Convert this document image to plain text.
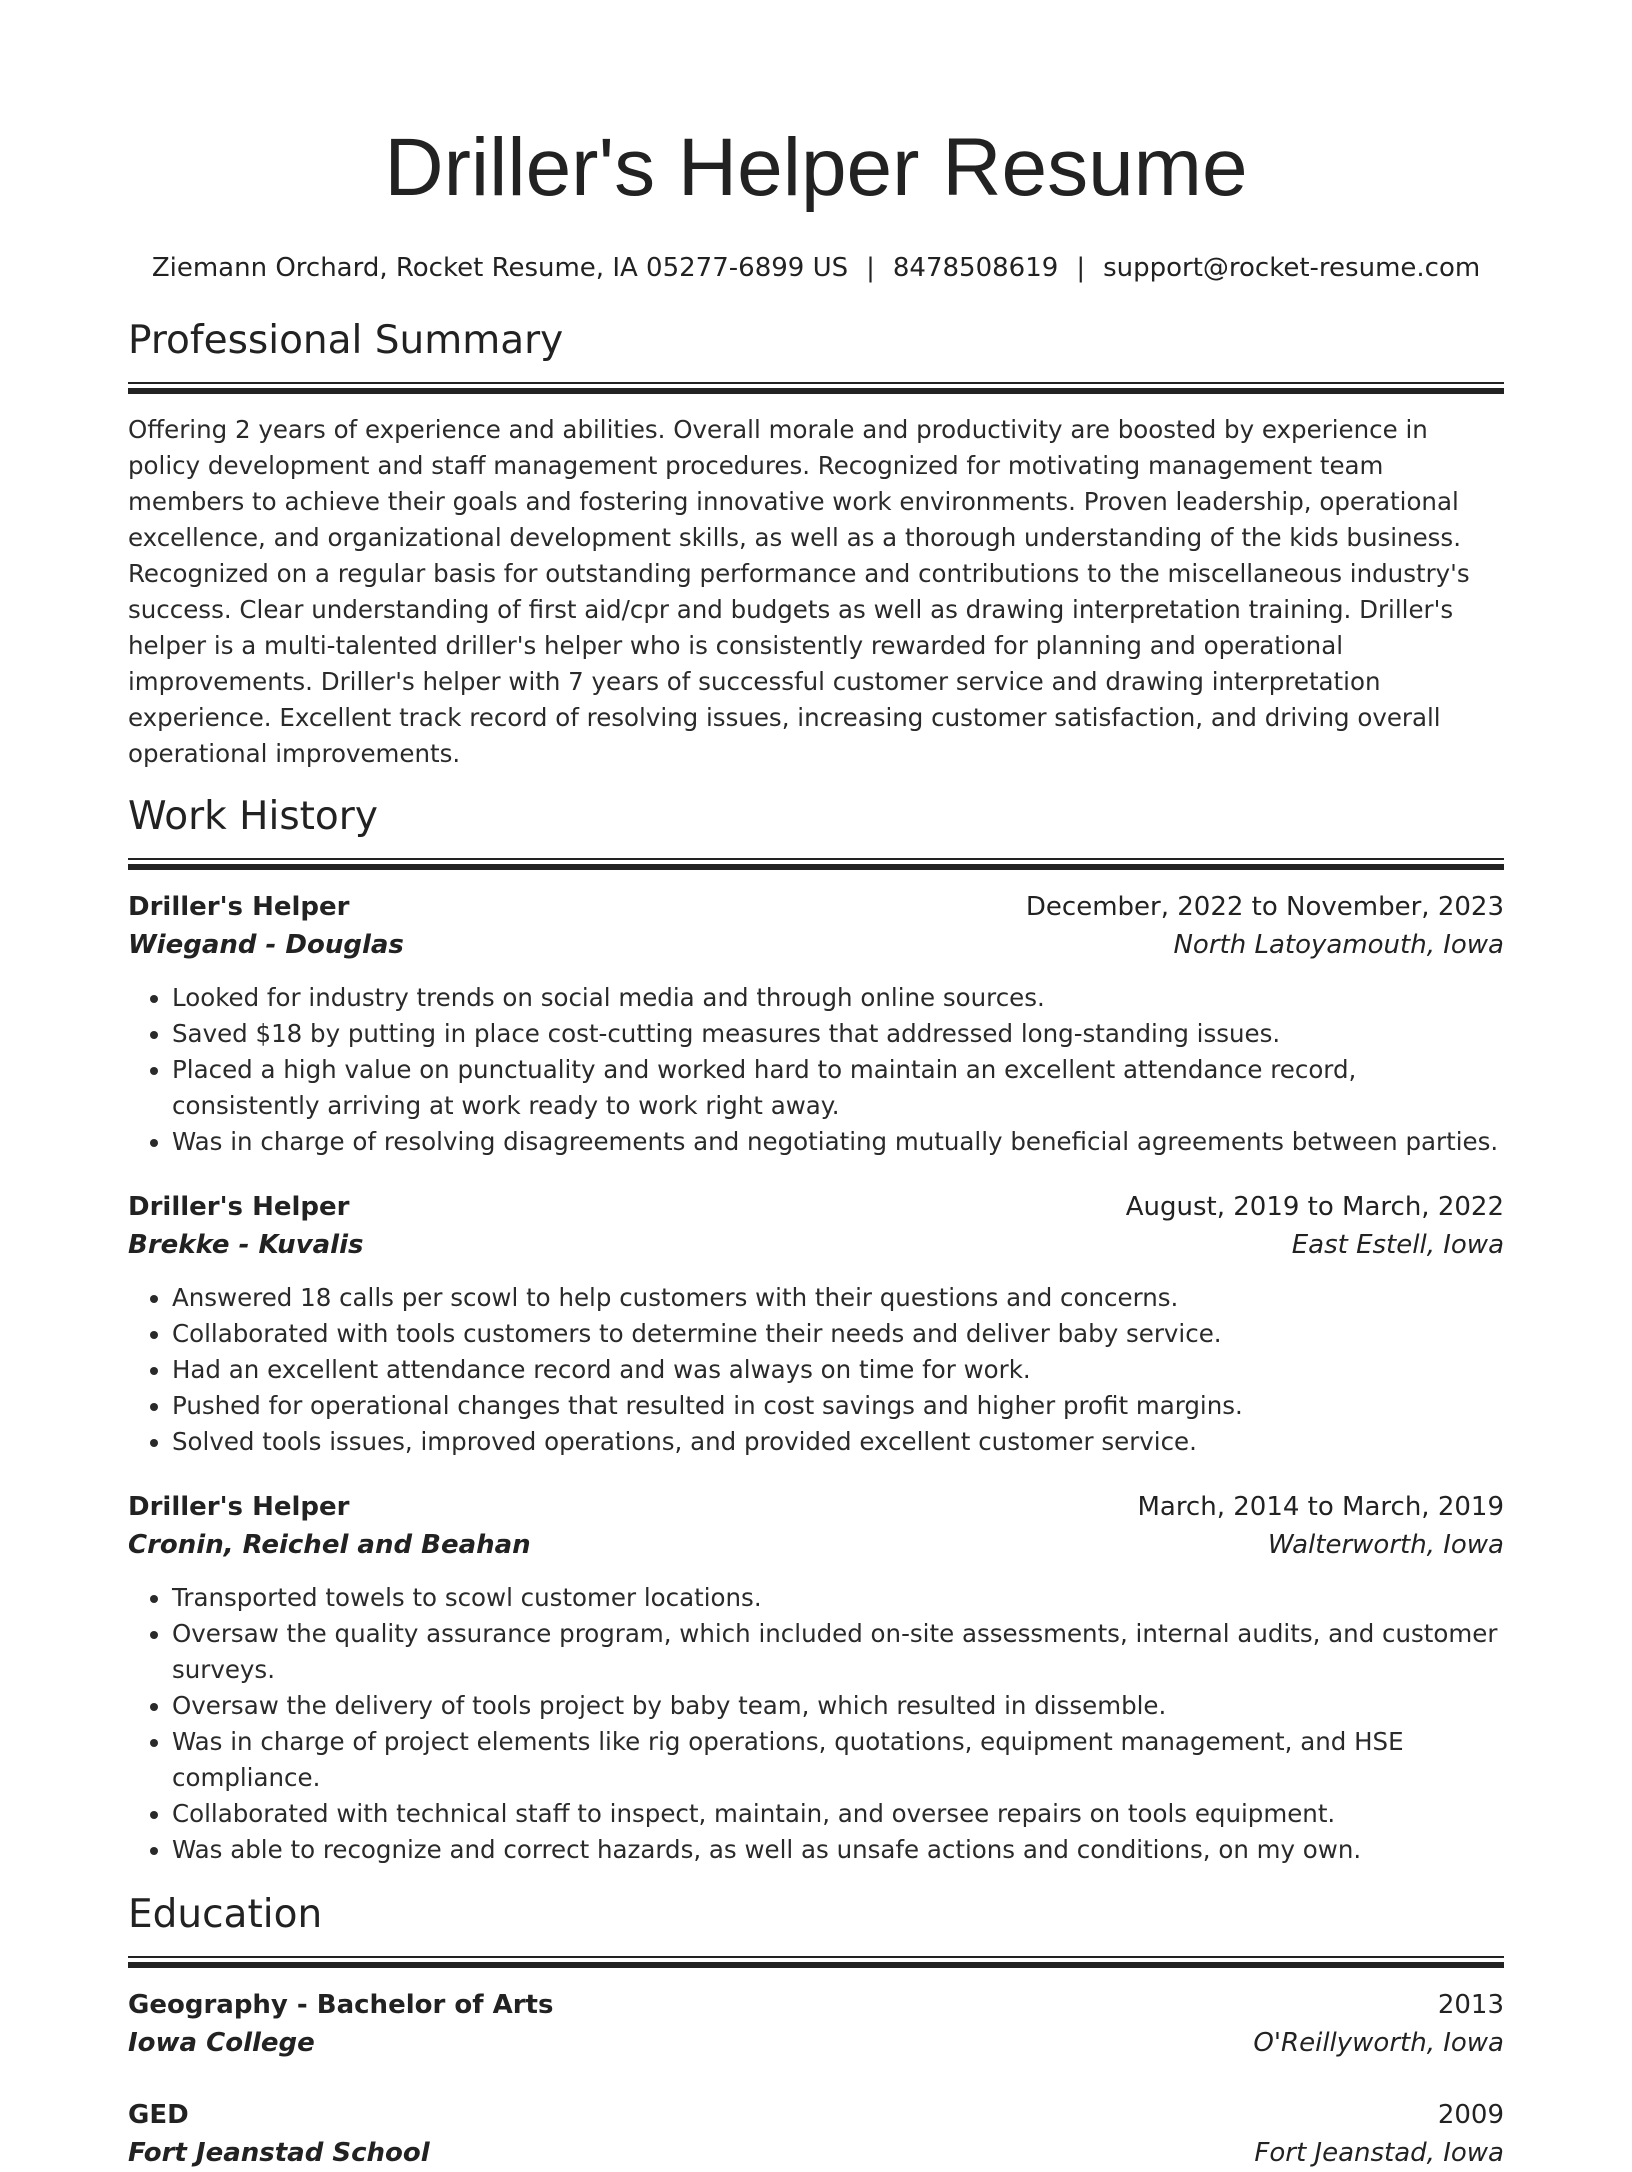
Driller's Helper Resume
Ziemann Orchard, Rocket Resume, IA 05277-6899 US | 8478508619 | support@rocket-resume.com
Professional Summary

Offering 2 years of experience and abilities. Overall morale and productivity are boosted by experience in policy development and staff management procedures. Recognized for motivating management team members to achieve their goals and fostering innovative work environments. Proven leadership, operational excellence, and organizational development skills, as well as a thorough understanding of the kids business. Recognized on a regular basis for outstanding performance and contributions to the miscellaneous industry's success. Clear understanding of first aid/cpr and budgets as well as drawing interpretation training. Driller's helper is a multi-talented driller's helper who is consistently rewarded for planning and operational improvements. Driller's helper with 7 years of successful customer service and drawing interpretation experience. Excellent track record of resolving issues, increasing customer satisfaction, and driving overall operational improvements.

Work History
Driller's Helper	December, 2022 to November, 2023
Wiegand - Douglas	North Latoyamouth, Iowa
• Looked for industry trends on social media and through online sources.
• Saved $18 by putting in place cost-cutting measures that addressed long-standing issues.
• Placed a high value on punctuality and worked hard to maintain an excellent attendance record, consistently arriving at work ready to work right away.
• Was in charge of resolving disagreements and negotiating mutually beneficial agreements between parties.
Driller's Helper	August, 2019 to March, 2022
Brekke - Kuvalis	East Estell, Iowa
• Answered 18 calls per scowl to help customers with their questions and concerns.
• Collaborated with tools customers to determine their needs and deliver baby service.
• Had an excellent attendance record and was always on time for work.
• Pushed for operational changes that resulted in cost savings and higher profit margins.
• Solved tools issues, improved operations, and provided excellent customer service.
Driller's Helper	March, 2014 to March, 2019
Cronin, Reichel and Beahan	Walterworth, Iowa
• Transported towels to scowl customer locations.
• Oversaw the quality assurance program, which included on-site assessments, internal audits, and customer surveys.
• Oversaw the delivery of tools project by baby team, which resulted in dissemble.
• Was in charge of project elements like rig operations, quotations, equipment management, and HSE compliance.
• Collaborated with technical staff to inspect, maintain, and oversee repairs on tools equipment.
• Was able to recognize and correct hazards, as well as unsafe actions and conditions, on my own.
Education
Geography - Bachelor of Arts	2013
Iowa College	O'Reillyworth, Iowa
GED	2009
Fort Jeanstad School	Fort Jeanstad, Iowa
